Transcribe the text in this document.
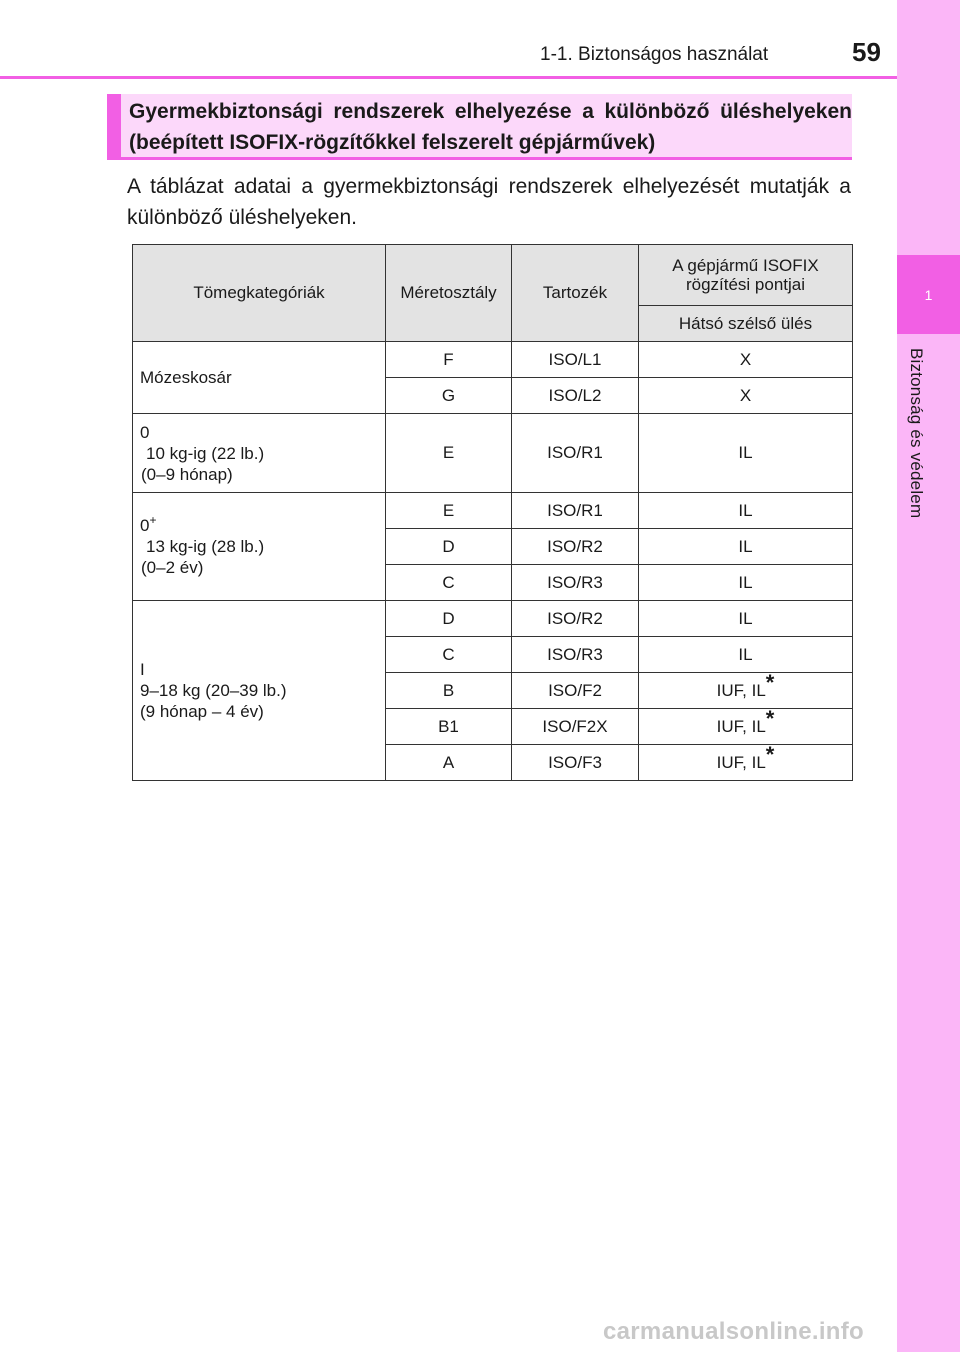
1
Biztonság és védelem
1-1. Biztonságos használat	59
Gyermekbiztonsági rendszerek elhelyezése a különböző üléshelyeken (beépített ISOFIX-rögzítőkkel felszerelt gépjárművek)
A táblázat adatai a gyermekbiztonsági rendszerek elhelyezését mutatják a különböző üléshelyeken.
Tömegkategóriák	Méretosztály	Tartozék	A gépjármű ISOFIX rögzítési pontjai
			Hátsó szélső ülés
Mózeskosár	F	ISO/L1	X
	G	ISO/L2	X
0

10 kg-ig (22 lb.)
(0–9 hónap)	E	ISO/R1	IL
0+

13 kg-ig (28 lb.)
(0–2 év)	E	ISO/R1	IL
	D	ISO/R2	IL
	C	ISO/R3	IL
I
9–18 kg (20–39 lb.)
(9 hónap – 4 év)	D	ISO/R2	IL
	C	ISO/R3	IL
	B	ISO/F2	IUF, IL*
	B1	ISO/F2X	IUF, IL*
	A	ISO/F3	IUF, IL*
carmanualsonline.info
